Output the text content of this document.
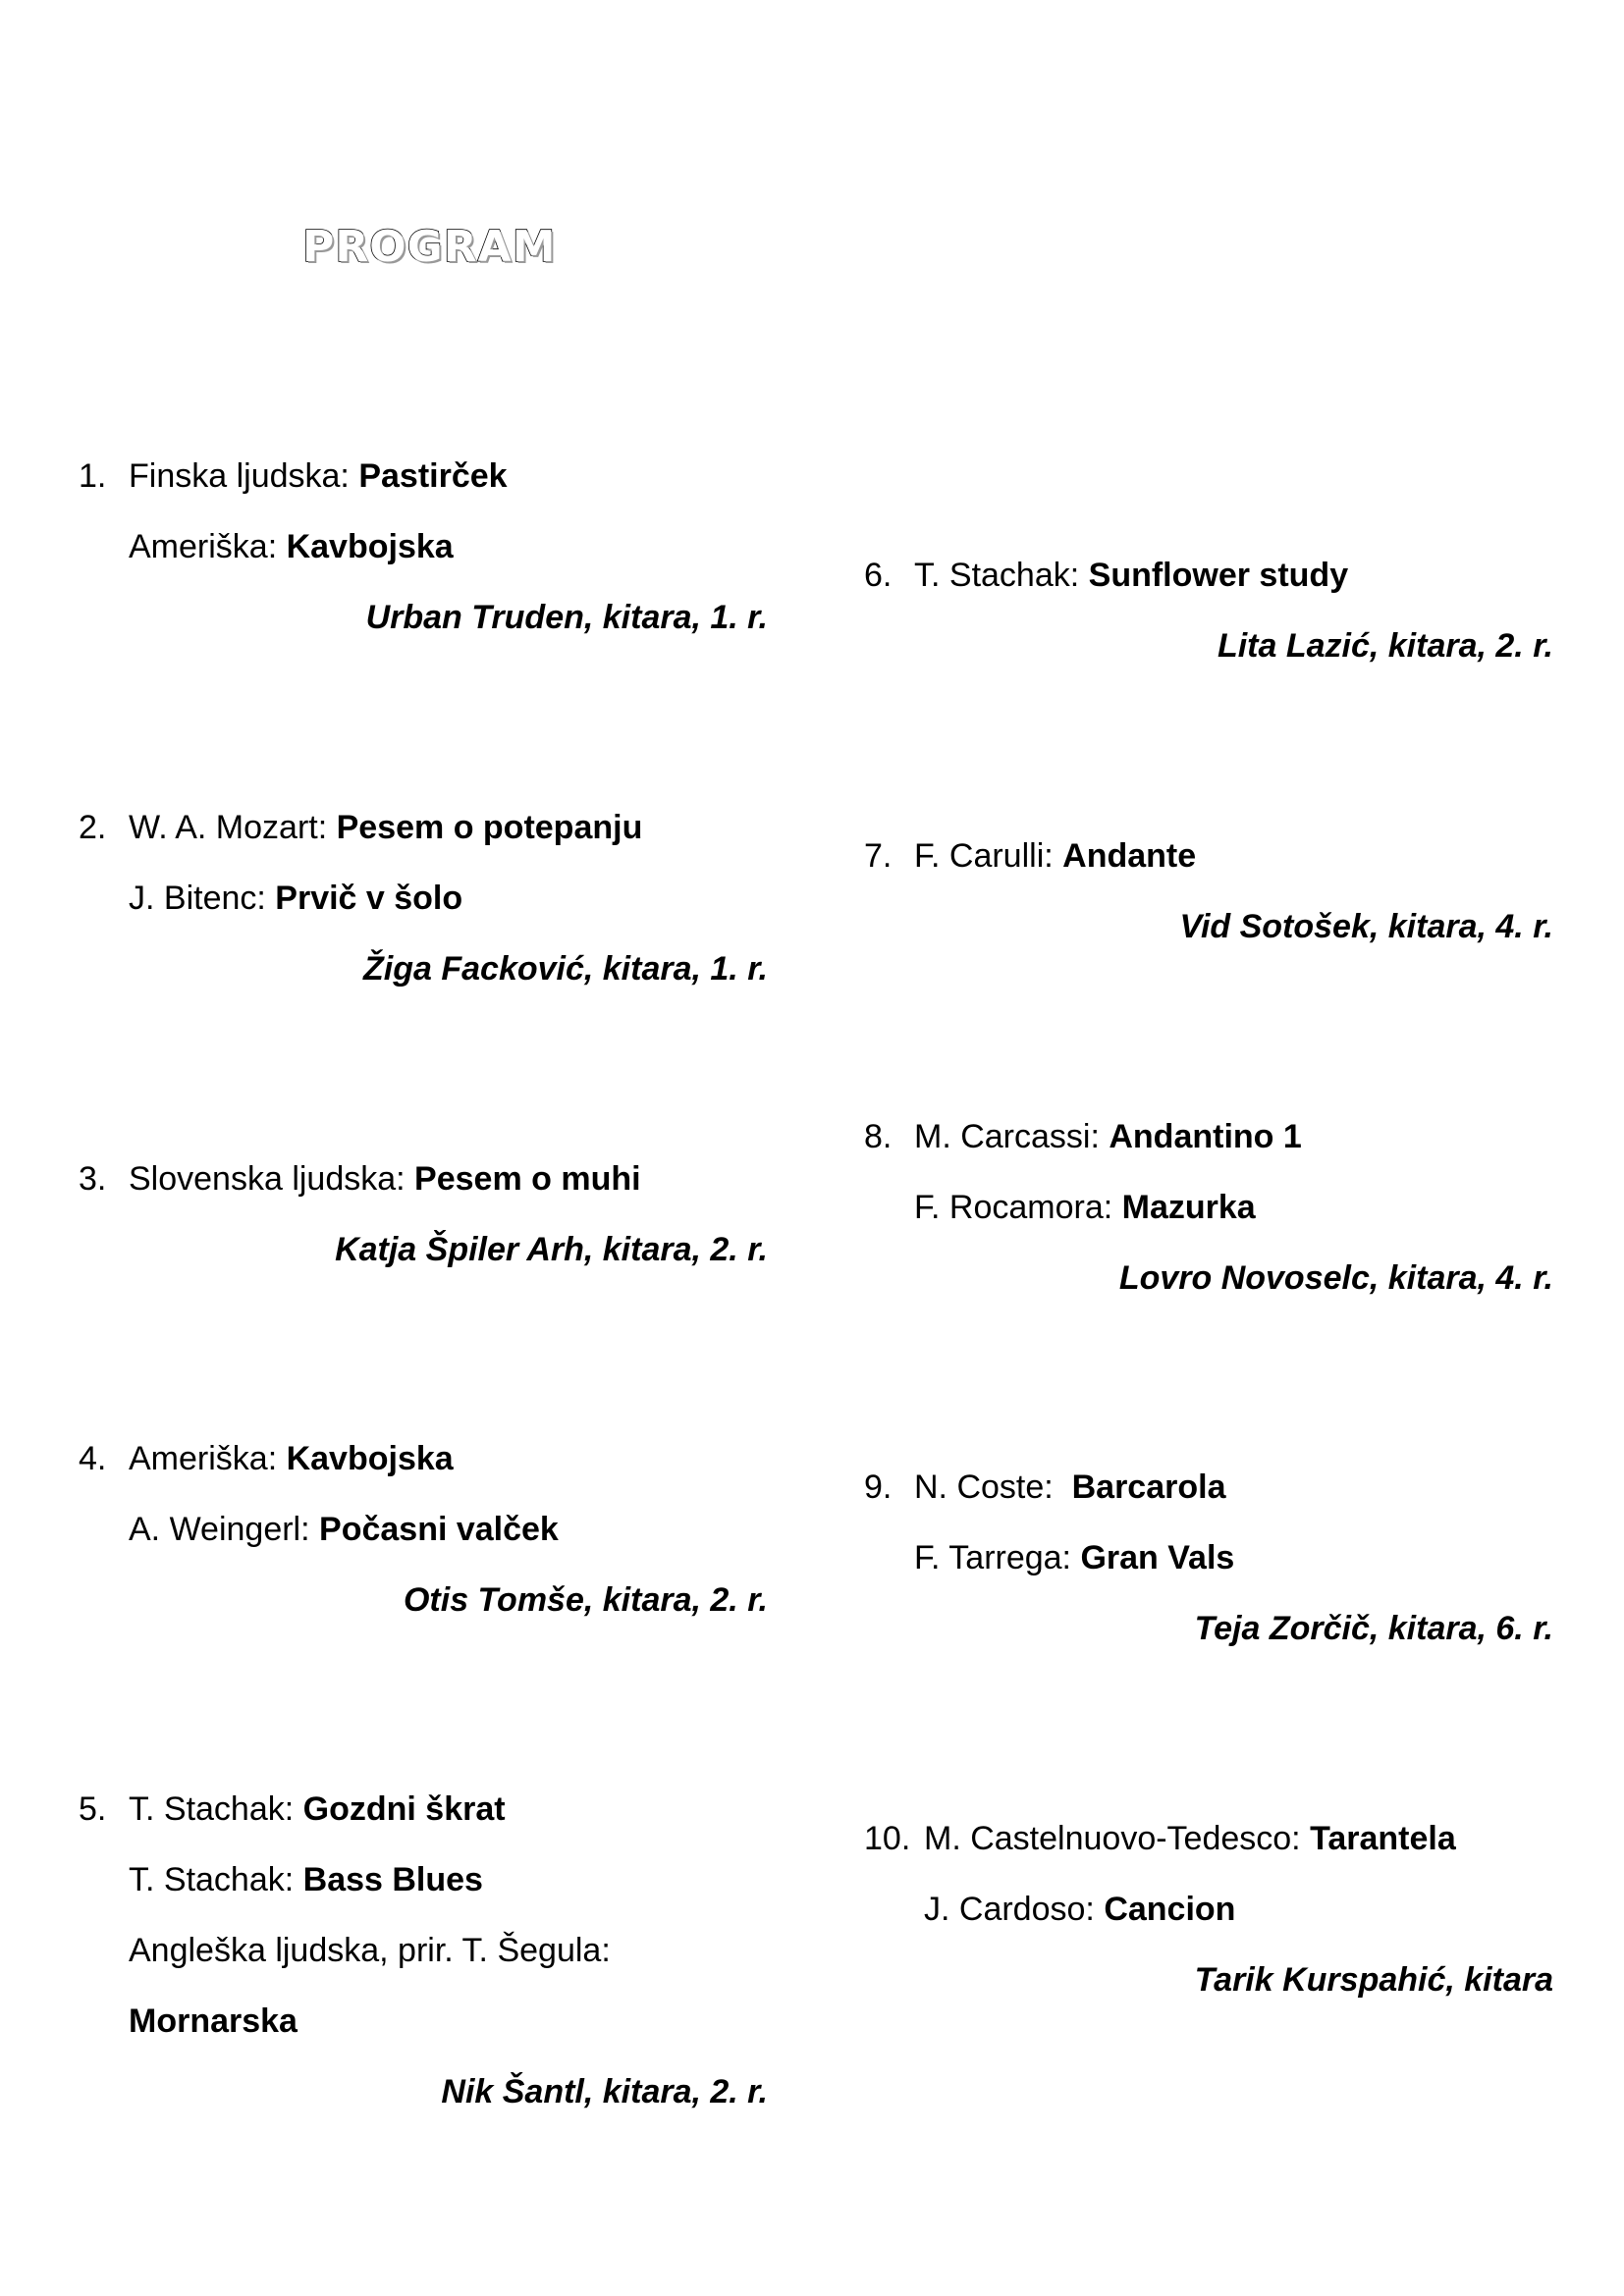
PROGRAM
1. Finska ljudska: Pastirček
Ameriška: Kavbojska
Urban Truden, kitara, 1. r.
2. W. A. Mozart: Pesem o potepanju
J. Bitenc: Prvič v šolo
Žiga Facković, kitara, 1. r.
3. Slovenska ljudska: Pesem o muhi
Katja Špiler Arh, kitara, 2. r.
4. Ameriška: Kavbojska
A. Weingerl: Počasni valček
Otis Tomše, kitara, 2. r.
5. T. Stachak: Gozdni škrat
T. Stachak: Bass Blues
Angleška ljudska, prir. T. Šegula:
Mornarska
Nik Šantl, kitara, 2. r.
6. T. Stachak: Sunflower study
Lita Lazić, kitara, 2. r.
7. F. Carulli: Andante
Vid Sotošek, kitara, 4. r.
8. M. Carcassi: Andantino 1
F. Rocamora: Mazurka
Lovro Novoselc, kitara, 4. r.
9. N. Coste:  Barcarola
F. Tarrega: Gran Vals
Teja Zorčič, kitara, 6. r.
10. M. Castelnuovo-Tedesco: Tarantela
J. Cardoso: Cancion
Tarik Kurspahić, kitara
